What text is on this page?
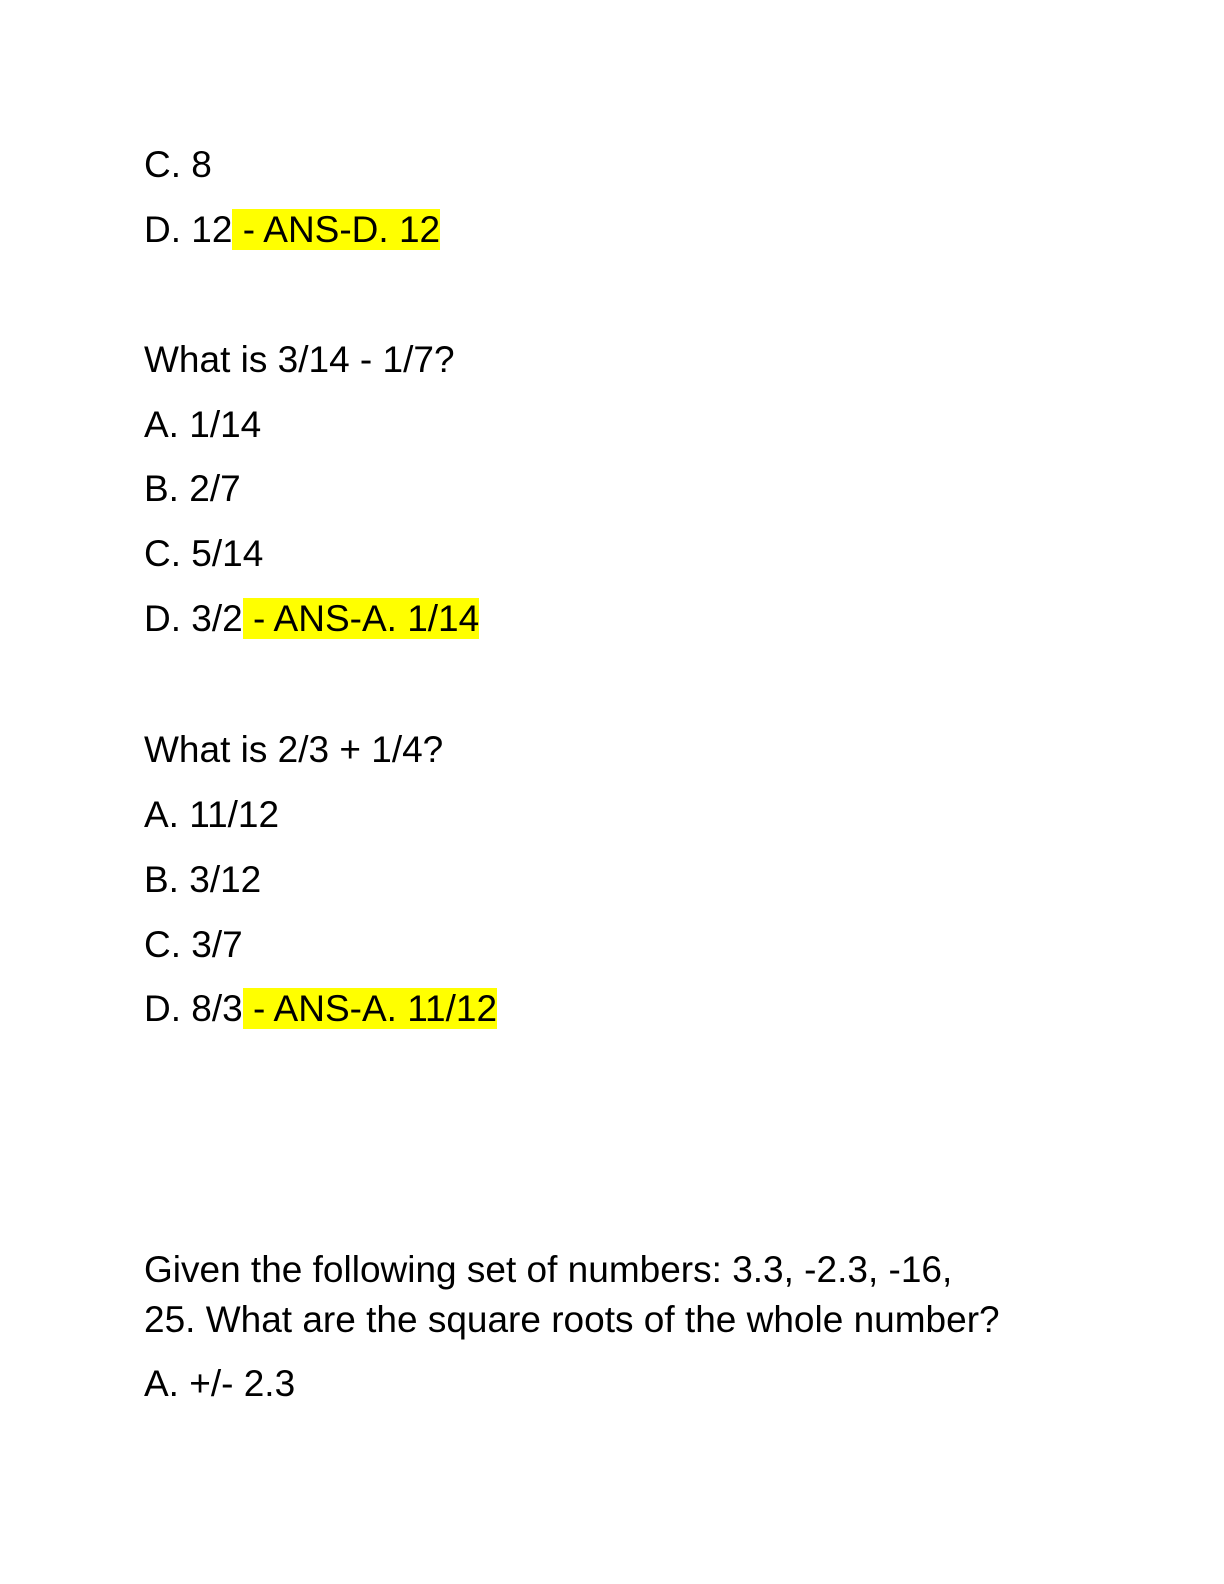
C. 8
D. 12 - ANS-D. 12
What is 3/14 - 1/7?
A. 1/14
B. 2/7
C. 5/14
D. 3/2 - ANS-A. 1/14
What is 2/3 + 1/4?
A. 11/12
B. 3/12
C. 3/7
D. 8/3 - ANS-A. 11/12
Given the following set of numbers: 3.3, -2.3, -16,
25. What are the square roots of the whole number?
A. +/- 2.3
